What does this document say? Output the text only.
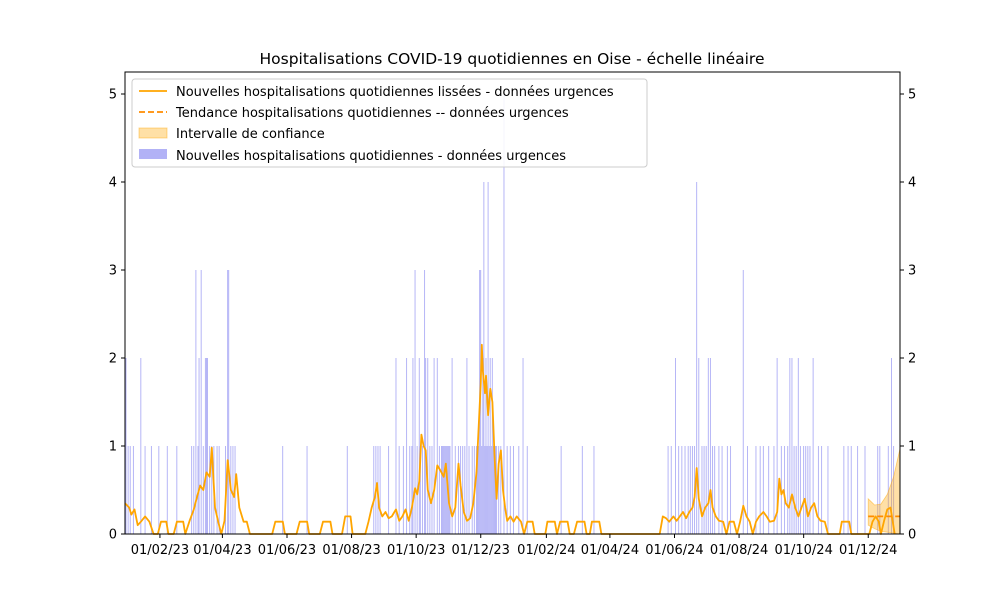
Hospitalisations COVID-19 quotidiennes en Oise - échelle linéaire
0
1
2
3
4
5
0
1
2
3
4
5
01/02/23 01/04/23 01/06/23 01/08/23 01/10/23 01/12/23 01/02/24 01/04/24 01/06/24 01/08/24 01/10/24 01/12/24
Nouvelles hospitalisations quotidiennes lissées - données urgences
Tendance hospitalisations quotidiennes -- données urgences
Intervalle de confiance
Nouvelles hospitalisations quotidiennes - données urgences
